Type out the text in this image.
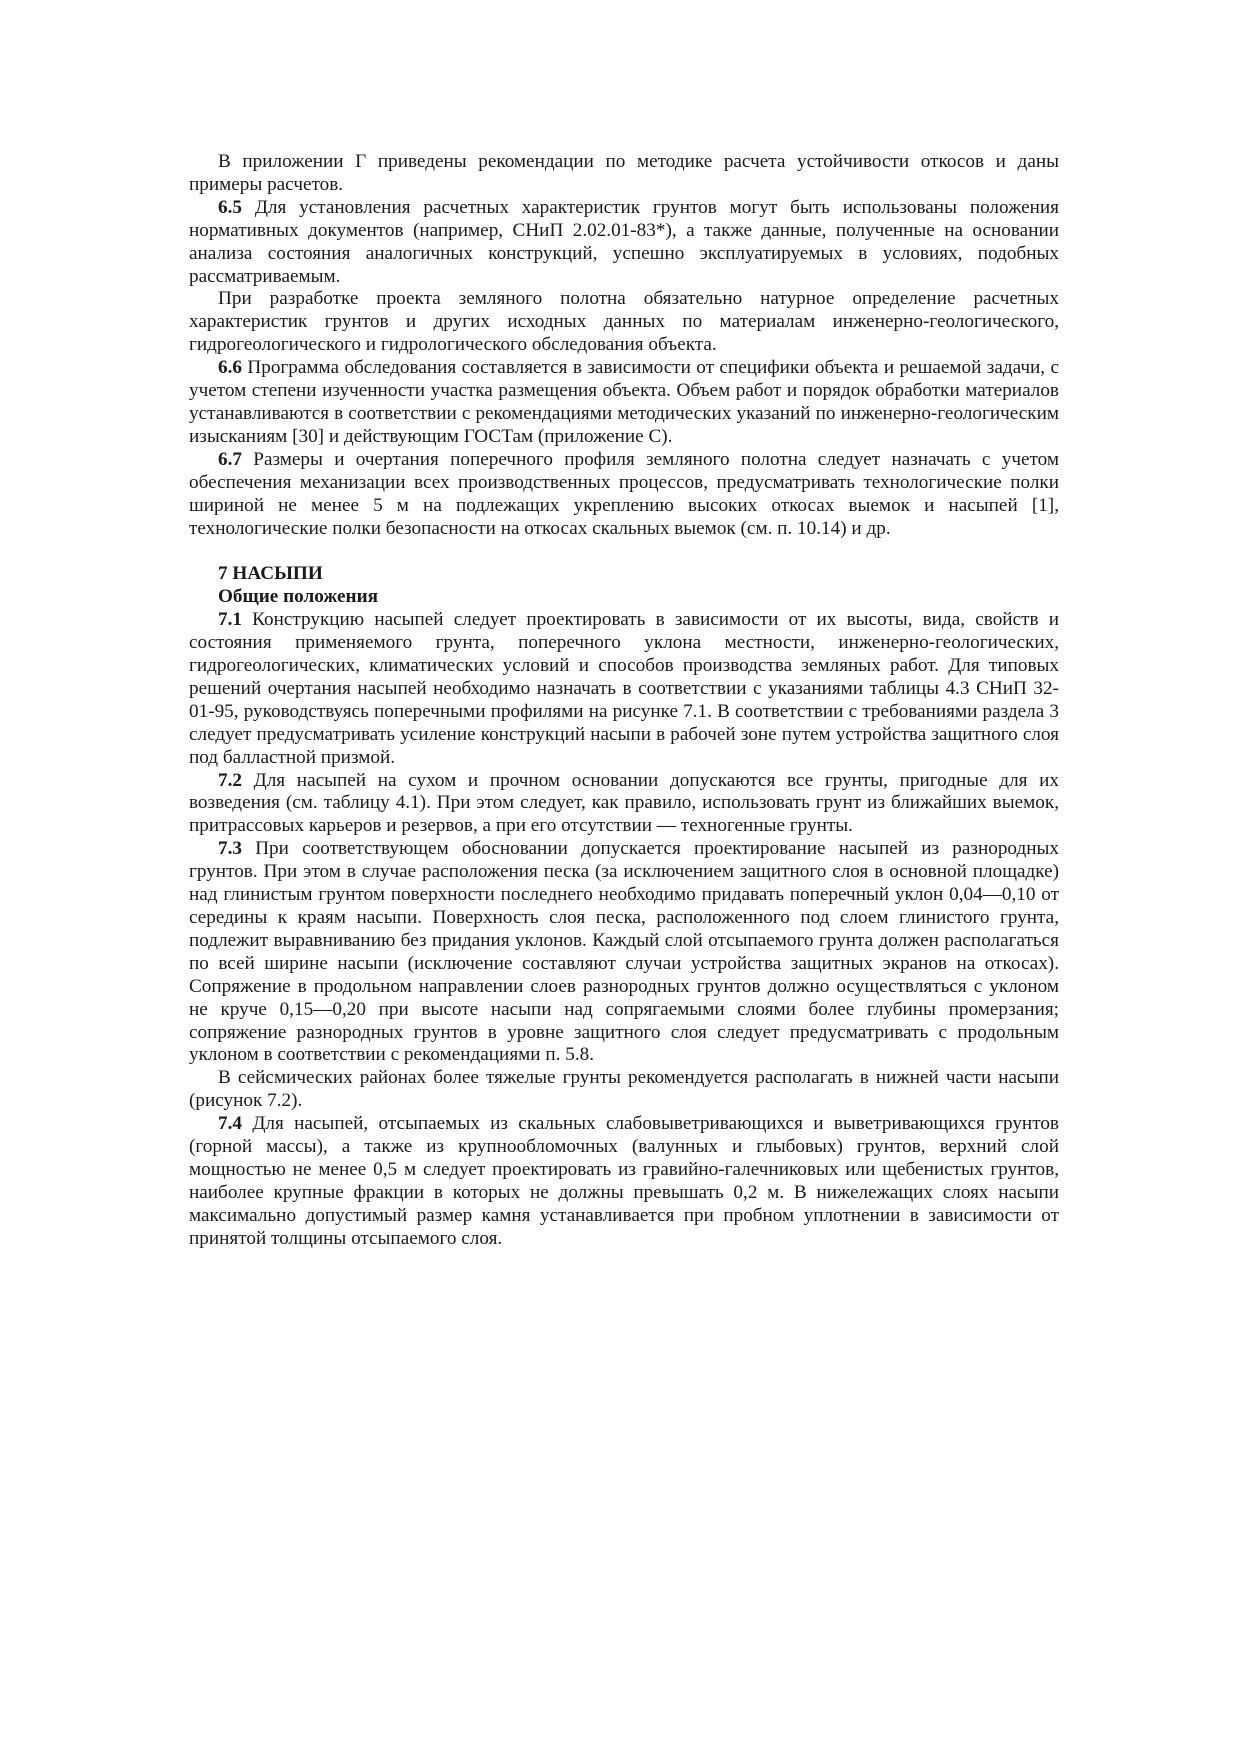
В приложении Г приведены рекомендации по методике расчета устойчивости откосов и даны примеры расчетов.

6.5 Для установления расчетных характеристик грунтов могут быть использованы положения нормативных документов (например, СНиП 2.02.01-83*), а также данные, полученные на основании анализа состояния аналогичных конструкций, успешно эксплуатируемых в условиях, подобных рассматриваемым.

При разработке проекта земляного полотна обязательно натурное определение расчетных характеристик грунтов и других исходных данных по материалам инженерно-геологического, гидрогеологического и гидрологического обследования объекта.

6.6 Программа обследования составляется в зависимости от специфики объекта и решаемой задачи, с учетом степени изученности участка размещения объекта. Объем работ и порядок обработки материалов устанавливаются в соответствии с рекомендациями методических указаний по инженерно-геологическим изысканиям [30] и действующим ГОСТам (приложение С).

6.7 Размеры и очертания поперечного профиля земляного полотна следует назначать с учетом обеспечения механизации всех производственных процессов, предусматривать технологические полки шириной не менее 5 м на подлежащих укреплению высоких откосах выемок и насыпей [1], технологические полки безопасности на откосах скальных выемок (см. п. 10.14) и др.

7 НАСЫПИ

Общие положения

7.1 Конструкцию насыпей следует проектировать в зависимости от их высоты, вида, свойств и состояния применяемого грунта, поперечного уклона местности, инженерно-геологических, гидрогеологических, климатических условий и способов производства земляных работ. Для типовых решений очертания насыпей необходимо назначать в соответствии с указаниями таблицы 4.3 СНиП 32-01-95, руководствуясь поперечными профилями на рисунке 7.1. В соответствии с требованиями раздела 3 следует предусматривать усиление конструкций насыпи в рабочей зоне путем устройства защитного слоя под балластной призмой.

7.2 Для насыпей на сухом и прочном основании допускаются все грунты, пригодные для их возведения (см. таблицу 4.1). При этом следует, как правило, использовать грунт из ближайших выемок, притрассовых карьеров и резервов, а при его отсутствии — техногенные грунты.

7.3 При соответствующем обосновании допускается проектирование насыпей из разнородных грунтов. При этом в случае расположения песка (за исключением защитного слоя в основной площадке) над глинистым грунтом поверхности последнего необходимо придавать поперечный уклон 0,04—0,10 от середины к краям насыпи. Поверхность слоя песка, расположенного под слоем глинистого грунта, подлежит выравниванию без придания уклонов. Каждый слой отсыпаемого грунта должен располагаться по всей ширине насыпи (исключение составляют случаи устройства защитных экранов на откосах). Сопряжение в продольном направлении слоев разнородных грунтов должно осуществляться с уклоном не круче 0,15—0,20 при высоте насыпи над сопрягаемыми слоями более глубины промерзания; сопряжение разнородных грунтов в уровне защитного слоя следует предусматривать с продольным уклоном в соответствии с рекомендациями п. 5.8.

В сейсмических районах более тяжелые грунты рекомендуется располагать в нижней части насыпи (рисунок 7.2).

7.4 Для насыпей, отсыпаемых из скальных слабовыветривающихся и выветривающихся грунтов (горной массы), а также из крупнообломочных (валунных и глыбовых) грунтов, верхний слой мощностью не менее 0,5 м следует проектировать из гравийно-галечниковых или щебенистых грунтов, наиболее крупные фракции в которых не должны превышать 0,2 м. В нижележащих слоях насыпи максимально допустимый размер камня устанавливается при пробном уплотнении в зависимости от принятой толщины отсыпаемого слоя.
